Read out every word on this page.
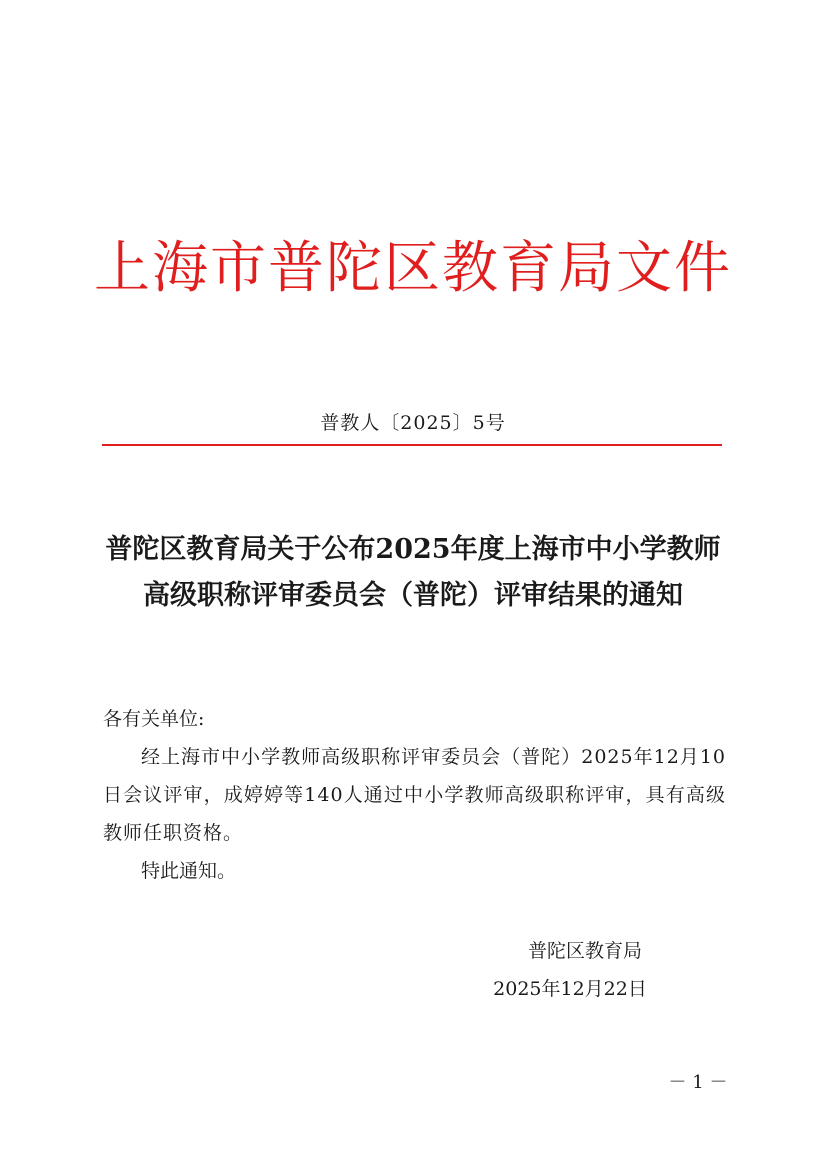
上海市普陀区教育局文件
普教人〔2025〕5号
普陀区教育局关于公布2025年度上海市中小学教师高级职称评审委员会（普陀）评审结果的通知
各有关单位:
经上海市中小学教师高级职称评审委员会（普陀）2025年12月10日会议评审，成婷婷等140人通过中小学教师高级职称评审，具有高级教师任职资格。
特此通知。
普陀区教育局
2025年12月22日
－ 1 －
